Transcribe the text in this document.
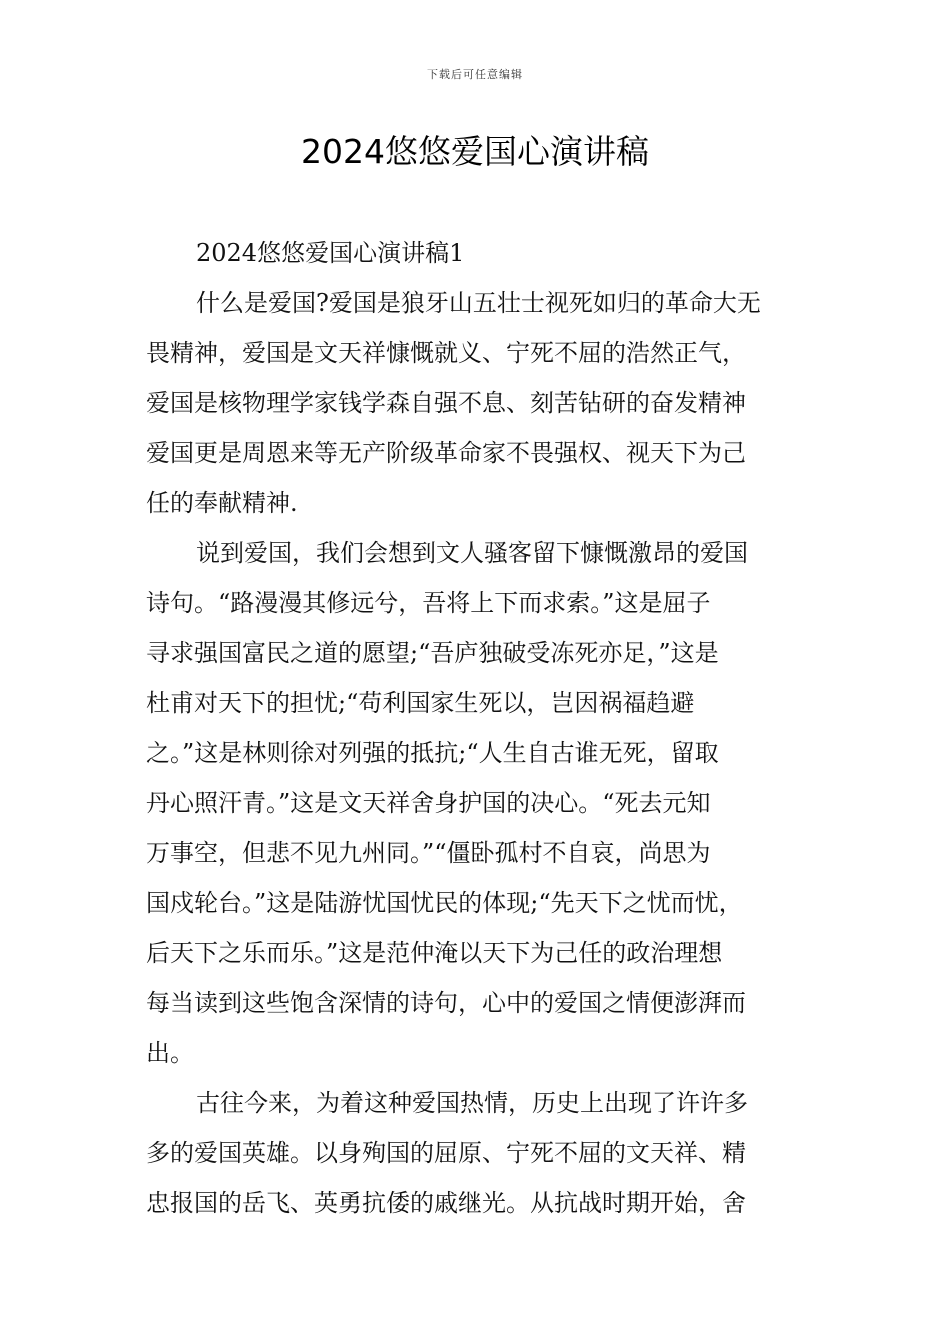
下载后可任意编辑
2024悠悠爱国心演讲稿
2024悠悠爱国心演讲稿1
什么是爱国?爱国是狼牙山五壮士视死如归的革命大无
畏精神，爱国是文天祥慷慨就义、宁死不屈的浩然正气，
爱国是核物理学家钱学森自强不息、刻苦钻研的奋发精神
爱国更是周恩来等无产阶级革命家不畏强权、视天下为己
任的奉献精神.
说到爱国，我们会想到文人骚客留下慷慨激昂的爱国
诗句。“路漫漫其修远兮，吾将上下而求索。”这是屈子
寻求强国富民之道的愿望;“吾庐独破受冻死亦足，”这是
杜甫对天下的担忧;“苟利国家生死以，岂因祸福趋避
之。”这是林则徐对列强的抵抗;“人生自古谁无死，留取
丹心照汗青。”这是文天祥舍身护国的决心。“死去元知
万事空，但悲不见九州同。”“僵卧孤村不自哀，尚思为
国戍轮台。”这是陆游忧国忧民的体现;“先天下之忧而忧，
后天下之乐而乐。”这是范仲淹以天下为己任的政治理想
每当读到这些饱含深情的诗句，心中的爱国之情便澎湃而
出。
古往今来，为着这种爱国热情，历史上出现了许许多
多的爱国英雄。以身殉国的屈原、宁死不屈的文天祥、精
忠报国的岳飞、英勇抗倭的戚继光。从抗战时期开始，舍
